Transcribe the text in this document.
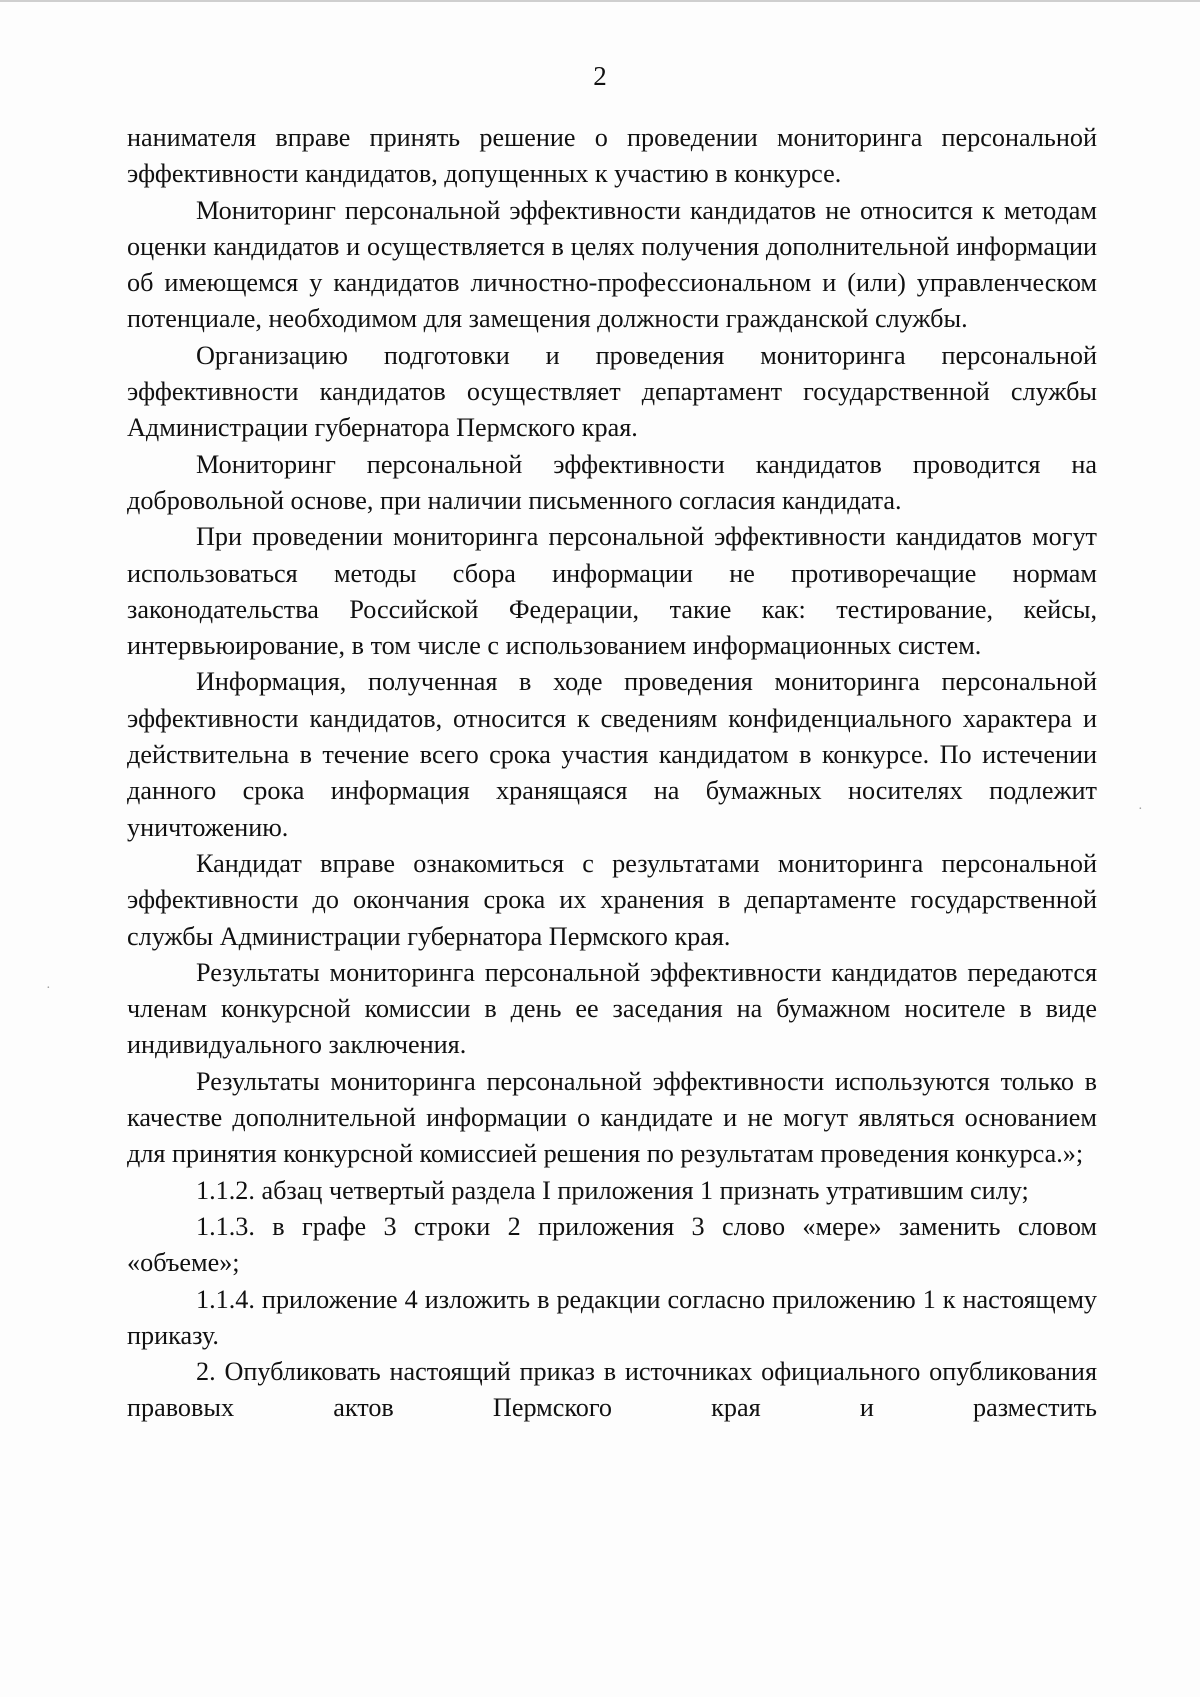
2

нанимателя вправе принять решение о проведении мониторинга персональной эффективности кандидатов, допущенных к участию в конкурсе.

Мониторинг персональной эффективности кандидатов не относится к методам оценки кандидатов и осуществляется в целях получения дополнительной информации об имеющемся у кандидатов личностно-профессиональном и (или) управленческом потенциале, необходимом для замещения должности гражданской службы.

Организацию подготовки и проведения мониторинга персональной эффективности кандидатов осуществляет департамент государственной службы Администрации губернатора Пермского края.

Мониторинг персональной эффективности кандидатов проводится на добровольной основе, при наличии письменного согласия кандидата.

При проведении мониторинга персональной эффективности кандидатов могут использоваться методы сбора информации не противоречащие нормам законодательства Российской Федерации, такие как: тестирование, кейсы, интервьюирование, в том числе с использованием информационных систем.

Информация, полученная в ходе проведения мониторинга персональной эффективности кандидатов, относится к сведениям конфиденциального характера и действительна в течение всего срока участия кандидатом в конкурсе. По истечении данного срока информация хранящаяся на бумажных носителях подлежит уничтожению.

Кандидат вправе ознакомиться с результатами мониторинга персональной эффективности до окончания срока их хранения в департаменте государственной службы Администрации губернатора Пермского края.

Результаты мониторинга персональной эффективности кандидатов передаются членам конкурсной комиссии в день ее заседания на бумажном носителе в виде индивидуального заключения.

Результаты мониторинга персональной эффективности используются только в качестве дополнительной информации о кандидате и не могут являться основанием для принятия конкурсной комиссией решения по результатам проведения конкурса.»;

1.1.2. абзац четвертый раздела I приложения 1 признать утратившим силу;

1.1.3. в графе 3 строки 2 приложения 3 слово «мере» заменить словом «объеме»;

1.1.4. приложение 4 изложить в редакции согласно приложению 1 к настоящему приказу.

2. Опубликовать настоящий приказ в источниках официального опубликования правовых актов Пермского края и разместить

·
·
